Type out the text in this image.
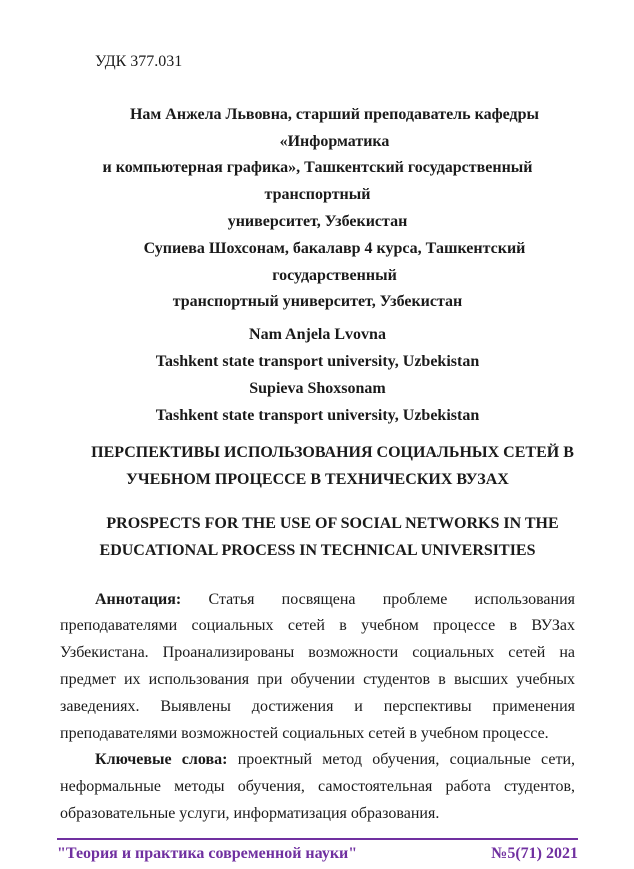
УДК 377.031
Нам Анжела Львовна, старший преподаватель кафедры «Информатика
и компьютерная графика», Ташкентский государственный транспортный
университет, Узбекистан
Супиева Шохсонам, бакалавр 4 курса, Ташкентский государственный
транспортный университет, Узбекистан
Nam Anjela Lvovna
Tashkent state transport university, Uzbekistan
Supieva Shoxsonam
Tashkent state transport university, Uzbekistan
ПЕРСПЕКТИВЫ ИСПОЛЬЗОВАНИЯ СОЦИАЛЬНЫХ СЕТЕЙ В
УЧЕБНОМ ПРОЦЕССЕ В ТЕХНИЧЕСКИХ ВУЗАХ
PROSPECTS FOR THE USE OF SOCIAL NETWORKS IN THE
EDUCATIONAL PROCESS IN TECHNICAL UNIVERSITIES

Аннотация: Статья посвящена проблеме использования преподавателями социальных сетей в учебном процессе в ВУЗах Узбекистана. Проанализированы возможности социальных сетей на предмет их использования при обучении студентов в высших учебных заведениях. Выявлены достижения и перспективы применения преподавателями возможностей социальных сетей в учебном процессе.

Ключевые слова: проектный метод обучения, социальные сети, неформальные методы обучения, самостоятельная работа студентов, образовательные услуги, информатизация образования.

"Теория и практика современной науки"	№5(71) 2021
